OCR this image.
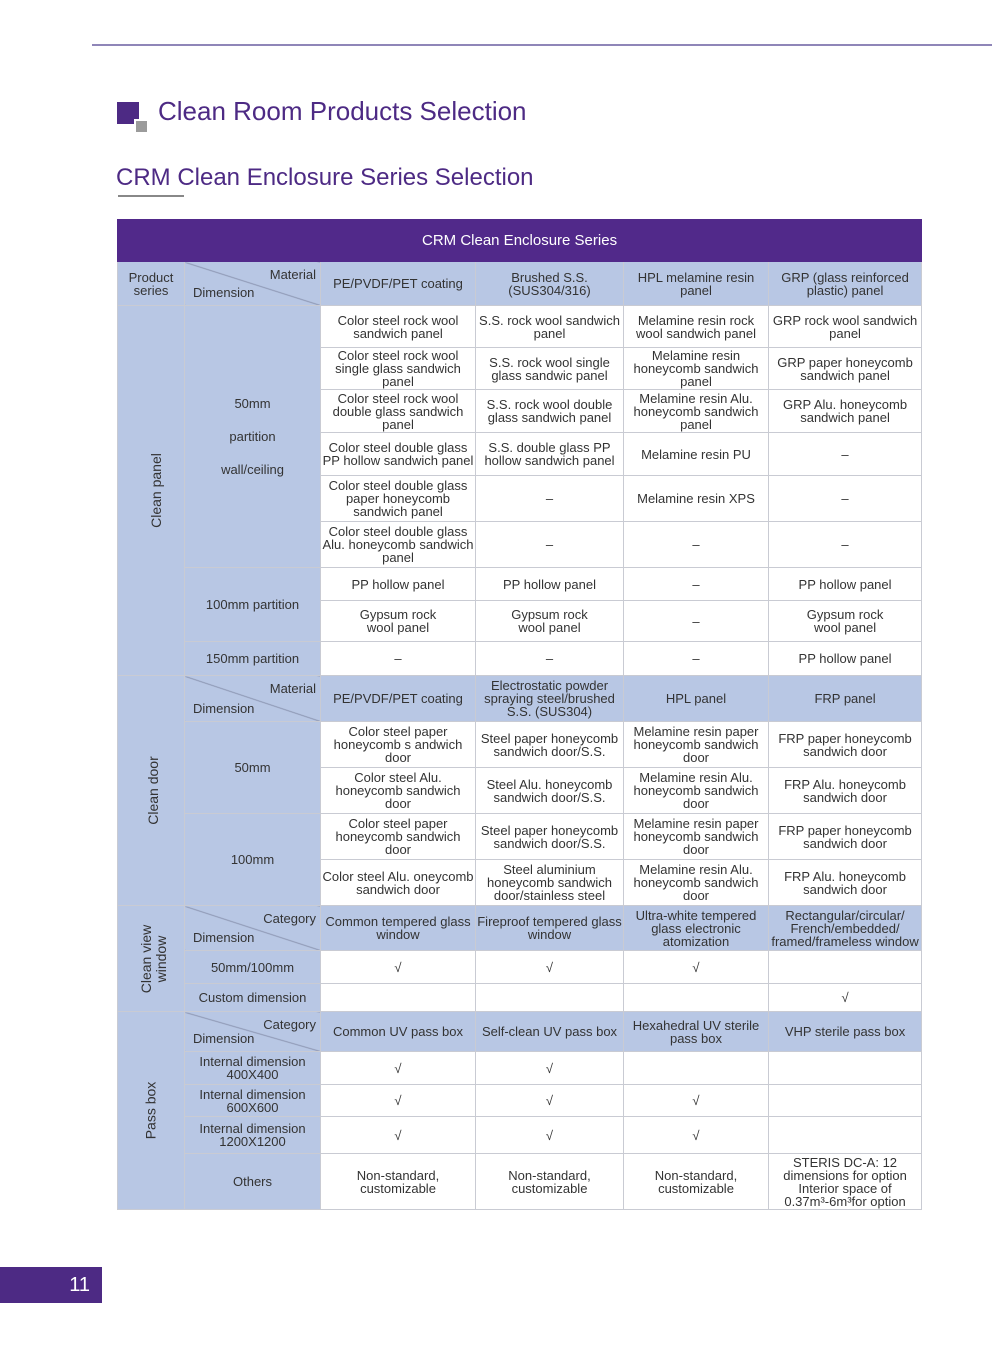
Clean Room Products Selection
CRM Clean Enclosure Series Selection
CRM Clean Enclosure Series					
Product series	Material
Dimension	PE/PVDF/PET coating	Brushed S.S. (SUS304/316)	HPL melamine resin panel	GRP (glass reinforced plastic) panel
Clean panel	50mm partition wall/ceiling	Color steel rock wool sandwich panel	S.S. rock wool sandwich panel	Melamine resin rock wool sandwich panel	GRP rock wool sandwich panel
		Color steel rock wool single glass sandwich panel	S.S. rock wool single glass sandwic panel	Melamine resin honeycomb sandwich panel	GRP paper honeycomb sandwich panel
		Color steel rock wool double glass sandwich panel	S.S. rock wool double glass sandwich panel	Melamine resin Alu. honeycomb sandwich panel	GRP Alu. honeycomb sandwich panel
		Color steel double glass PP hollow sandwich panel	S.S. double glass PP hollow sandwich panel	Melamine resin PU	–
		Color steel double glass paper honeycomb sandwich panel	–	Melamine resin XPS	–
		Color steel double glass Alu. honeycomb sandwich panel	–	–	–
	100mm partition	PP hollow panel	PP hollow panel	–	PP hollow panel
		Gypsum rock wool panel	Gypsum rock wool panel	–	Gypsum rock wool panel
	150mm partition	–	–	–	PP hollow panel
Clean door	Material
Dimension	PE/PVDF/PET coating	Electrostatic powder spraying steel/brushed S.S. (SUS304)	HPL panel	FRP panel
	50mm	Color steel paper honeycomb s andwich door	Steel paper honeycomb sandwich door/S.S.	Melamine resin paper honeycomb sandwich door	FRP paper honeycomb sandwich door
		Color steel Alu. honeycomb sandwich door	Steel Alu. honeycomb sandwich door/S.S.	Melamine resin Alu. honeycomb sandwich door	FRP Alu. honeycomb sandwich door
	100mm	Color steel paper honeycomb sandwich door	Steel paper honeycomb sandwich door/S.S.	Melamine resin paper honeycomb sandwich door	FRP paper honeycomb sandwich door
		Color steel Alu. oneycomb sandwich door	Steel aluminium honeycomb sandwich door/stainless steel	Melamine resin Alu. honeycomb sandwich door	FRP Alu. honeycomb sandwich door
Clean view window	Category
Dimension	Common tempered glass window	Fireproof tempered glass window	Ultra-white tempered glass electronic atomization	Rectangular/circular/ French/embedded/ framed/frameless window
	50mm/100mm	√	√	√	
	Custom dimension				√
Pass box	Category
Dimension	Common UV pass box	Self-clean UV pass box	Hexahedral UV sterile pass box	VHP sterile pass box
	Internal dimension 400X400	√	√		
	Internal dimension 600X600	√	√	√	
	Internal dimension 1200X1200	√	√	√	
	Others	Non-standard, customizable	Non-standard, customizable	Non-standard, customizable	STERIS DC-A: 12 dimensions for option Interior space of 0.37m³-6m³for option
11
